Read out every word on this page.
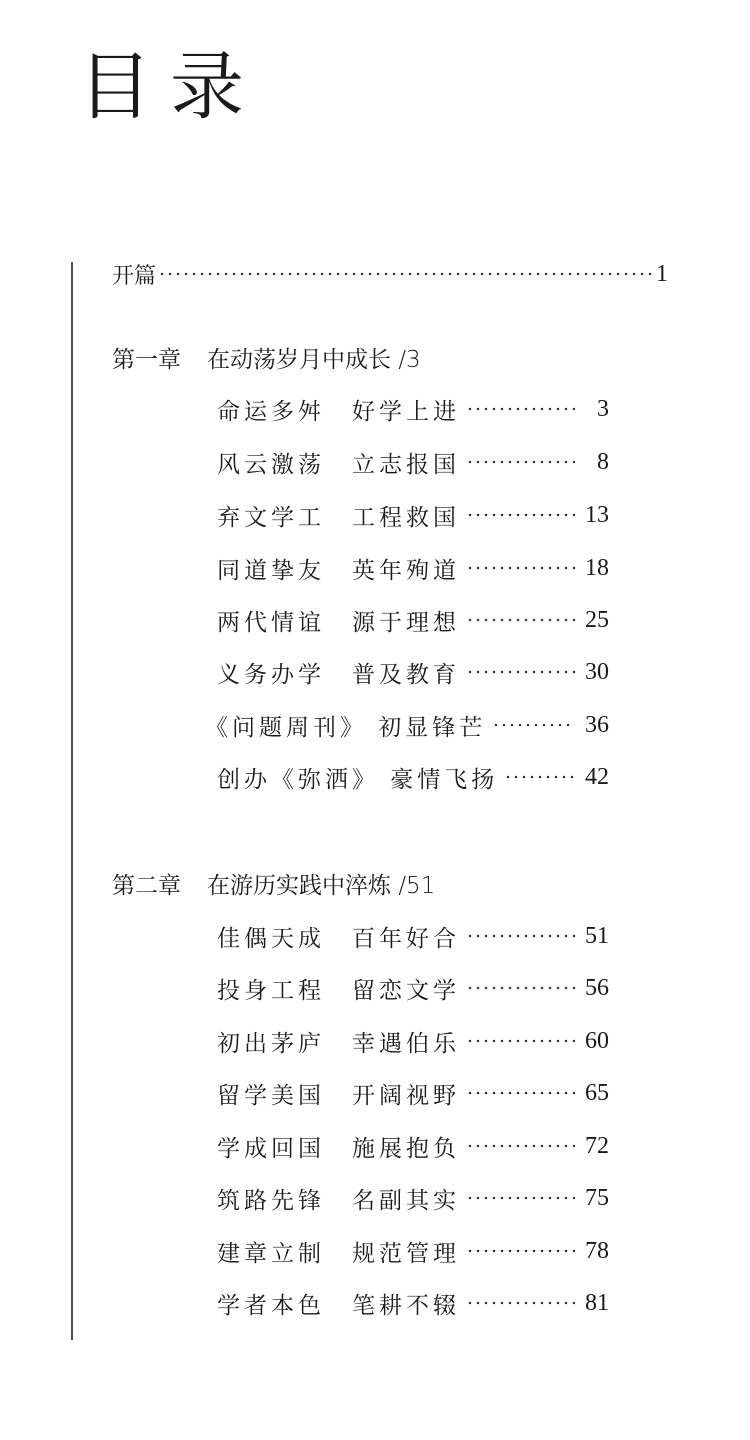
目录
开篇	1
第一章 在动荡岁月中成长 /3
命运多舛　好学上进	3
风云激荡　立志报国	8
弃文学工　工程救国	13
同道挚友　英年殉道	18
两代情谊　源于理想	25
义务办学　普及教育	30
《问题周刊》 初显锋芒	36
创办《弥洒》 豪情飞扬	42
第二章 在游历实践中淬炼 /51
佳偶天成　百年好合	51
投身工程　留恋文学	56
初出茅庐　幸遇伯乐	60
留学美国　开阔视野	65
学成回国　施展抱负	72
筑路先锋　名副其实	75
建章立制　规范管理	78
学者本色　笔耕不辍	81
